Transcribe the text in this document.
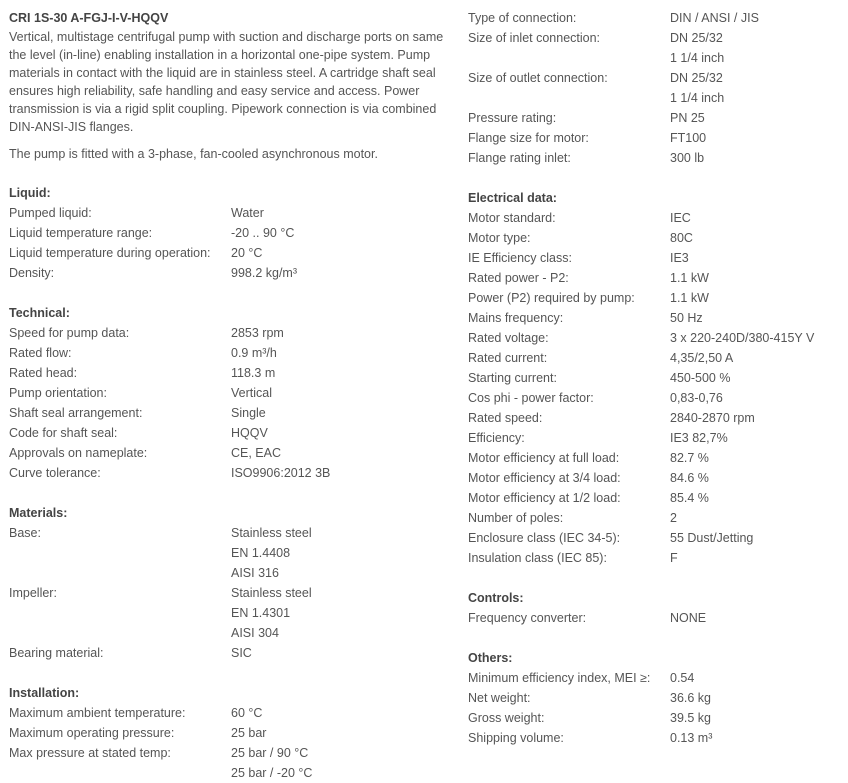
CRI 1S-30 A-FGJ-I-V-HQQV

Vertical, multistage centrifugal pump with suction and discharge ports on same the level (in-line) enabling installation in a horizontal one-pipe system. Pump materials in contact with the liquid are in stainless steel. A cartridge shaft seal ensures high reliability, safe handling and easy service and access. Power transmission is via a rigid split coupling. Pipework connection is via combined DIN-ANSI-JIS flanges.

The pump is fitted with a 3-phase, fan-cooled asynchronous motor.

Liquid:
Pumped liquid:	Water
Liquid temperature range:	-20 .. 90 °C
Liquid temperature during operation:	20 °C
Density:	998.2 kg/m³
Technical:
Speed for pump data:	2853 rpm
Rated flow:	0.9 m³/h
Rated head:	118.3 m
Pump orientation:	Vertical
Shaft seal arrangement:	Single
Code for shaft seal:	HQQV
Approvals on nameplate:	CE, EAC
Curve tolerance:	ISO9906:2012 3B
Materials:
Base:	Stainless steel
EN 1.4408
AISI 316
Impeller:	Stainless steel
EN 1.4301
AISI 304
Bearing material:	SIC
Installation:
Maximum ambient temperature:	60 °C
Maximum operating pressure:	25 bar
Max pressure at stated temp:	25 bar / 90 °C
25 bar / -20 °C
Type of connection:	DIN / ANSI / JIS
Size of inlet connection:	DN 25/32
1 1/4 inch
Size of outlet connection:	DN 25/32
1 1/4 inch
Pressure rating:	PN 25
Flange size for motor:	FT100
Flange rating inlet:	300 lb
Electrical data:
Motor standard:	IEC
Motor type:	80C
IE Efficiency class:	IE3
Rated power - P2:	1.1 kW
Power (P2) required by pump:	1.1 kW
Mains frequency:	50 Hz
Rated voltage:	3 x 220-240D/380-415Y V
Rated current:	4,35/2,50 A
Starting current:	450-500 %
Cos phi - power factor:	0,83-0,76
Rated speed:	2840-2870 rpm
Efficiency:	IE3 82,7%
Motor efficiency at full load:	82.7 %
Motor efficiency at 3/4 load:	84.6 %
Motor efficiency at 1/2 load:	85.4 %
Number of poles:	2
Enclosure class (IEC 34-5):	55 Dust/Jetting
Insulation class (IEC 85):	F
Controls:
Frequency converter:	NONE
Others:
Minimum efficiency index, MEI ≥:	0.54
Net weight:	36.6 kg
Gross weight:	39.5 kg
Shipping volume:	0.13 m³
